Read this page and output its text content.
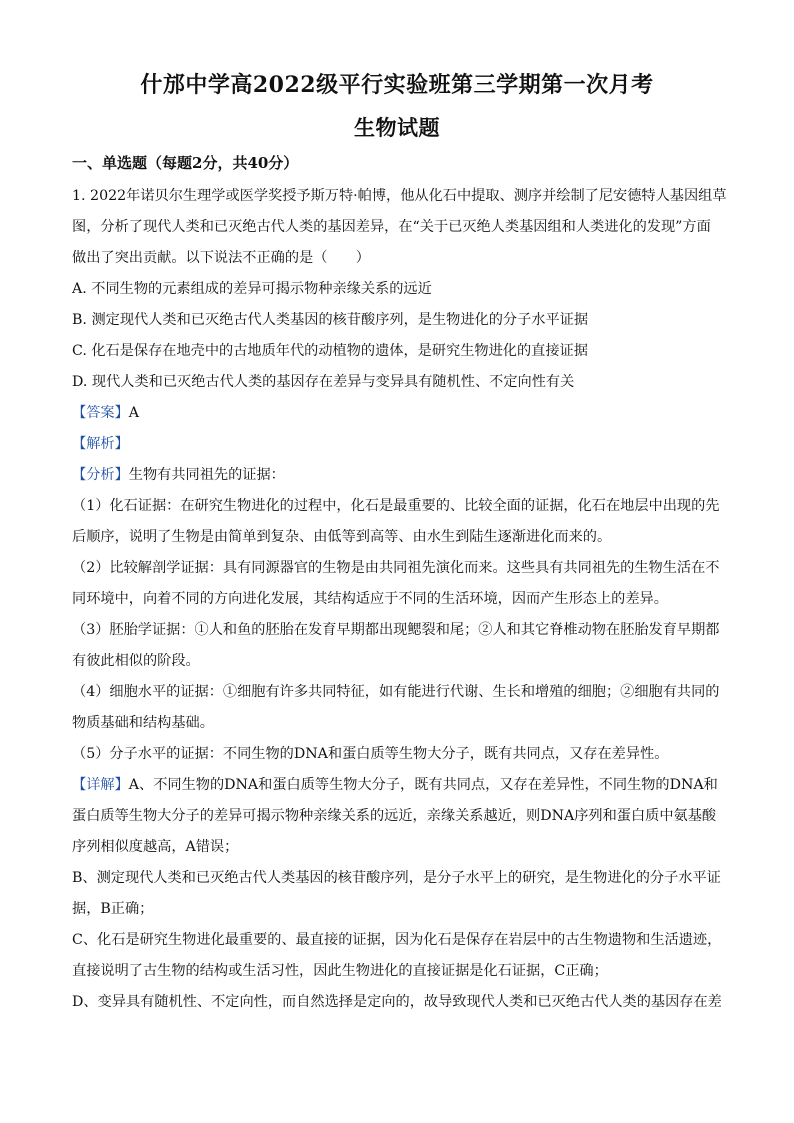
什邡中学高2022级平行实验班第三学期第一次月考
生物试题
一、单选题（每题2分，共40分）
1. 2022年诺贝尔生理学或医学奖授予斯万特·帕博，他从化石中提取、测序并绘制了尼安德特人基因组草
图，分析了现代人类和已灭绝古代人类的基因差异，在“关于已灭绝人类基因组和人类进化的发现”方面
做出了突出贡献。以下说法不正确的是（　　）
A. 不同生物的元素组成的差异可揭示物种亲缘关系的远近
B. 测定现代人类和已灭绝古代人类基因的核苷酸序列，是生物进化的分子水平证据
C. 化石是保存在地壳中的古地质年代的动植物的遗体，是研究生物进化的直接证据
D. 现代人类和已灭绝古代人类的基因存在差异与变异具有随机性、不定向性有关
【答案】A
【解析】
【分析】生物有共同祖先的证据：
（1）化石证据：在研究生物进化的过程中，化石是最重要的、比较全面的证据，化石在地层中出现的先
后顺序，说明了生物是由简单到复杂、由低等到高等、由水生到陆生逐渐进化而来的。
（2）比较解剖学证据：具有同源器官的生物是由共同祖先演化而来。这些具有共同祖先的生物生活在不
同环境中，向着不同的方向进化发展，其结构适应于不同的生活环境，因而产生形态上的差异。
（3）胚胎学证据：①人和鱼的胚胎在发育早期都出现鳃裂和尾；②人和其它脊椎动物在胚胎发育早期都
有彼此相似的阶段。
（4）细胞水平的证据：①细胞有许多共同特征，如有能进行代谢、生长和增殖的细胞；②细胞有共同的
物质基础和结构基础。
（5）分子水平的证据：不同生物的DNA和蛋白质等生物大分子，既有共同点，又存在差异性。
【详解】A、不同生物的DNA和蛋白质等生物大分子，既有共同点，又存在差异性，不同生物的DNA和
蛋白质等生物大分子的差异可揭示物种亲缘关系的远近，亲缘关系越近，则DNA序列和蛋白质中氨基酸
序列相似度越高，A错误；
B、测定现代人类和已灭绝古代人类基因的核苷酸序列，是分子水平上的研究，是生物进化的分子水平证
据，B正确；
C、化石是研究生物进化最重要的、最直接的证据，因为化石是保存在岩层中的古生物遗物和生活遗迹，
直接说明了古生物的结构或生活习性，因此生物进化的直接证据是化石证据，C正确；
D、变异具有随机性、不定向性，而自然选择是定向的，故导致现代人类和已灭绝古代人类的基因存在差
